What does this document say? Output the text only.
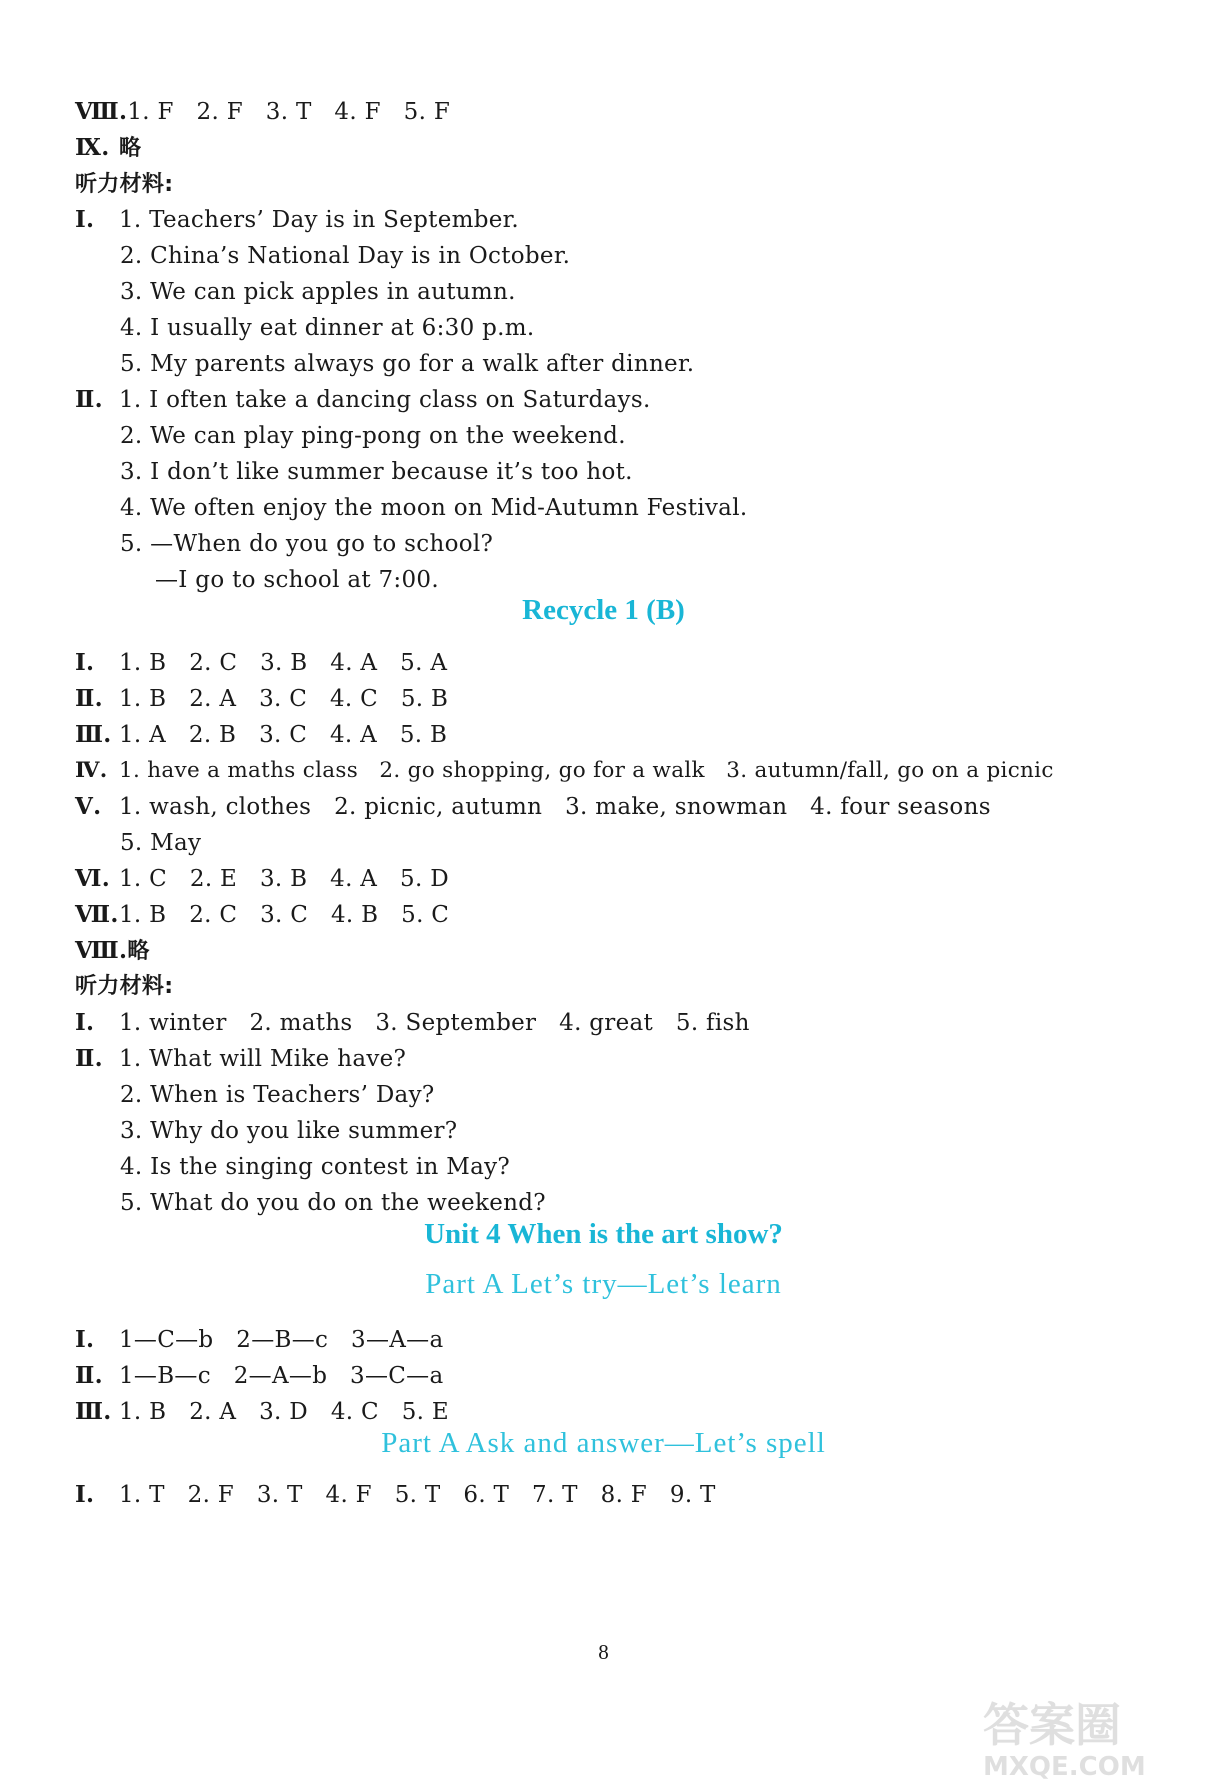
Ⅷ.1. F   2. F   3. T   4. F   5. F
Ⅸ. 略
听力材料:
Ⅰ. 1. Teachers’ Day is in September.
2. China’s National Day is in October.
3. We can pick apples in autumn.
4. I usually eat dinner at 6:30 p.m.
5. My parents always go for a walk after dinner.
Ⅱ. 1. I often take a dancing class on Saturdays.
2. We can play ping-pong on the weekend.
3. I don’t like summer because it’s too hot.
4. We often enjoy the moon on Mid-Autumn Festival.
5. —When do you go to school?
—I go to school at 7:00.
Recycle 1 (B)
Ⅰ. 1. B   2. C   3. B   4. A   5. A
Ⅱ. 1. B   2. A   3. C   4. C   5. B
Ⅲ. 1. A   2. B   3. C   4. A   5. B
Ⅳ. 1. have a maths class   2. go shopping, go for a walk   3. autumn/fall, go on a picnic
Ⅴ. 1. wash, clothes   2. picnic, autumn   3. make, snowman   4. four seasons
5. May
Ⅵ. 1. C   2. E   3. B   4. A   5. D
Ⅶ.1. B   2. C   3. C   4. B   5. C
Ⅷ.略
听力材料:
Ⅰ. 1. winter   2. maths   3. September   4. great   5. fish
Ⅱ. 1. What will Mike have?
2. When is Teachers’ Day?
3. Why do you like summer?
4. Is the singing contest in May?
5. What do you do on the weekend?
Unit 4 When is the art show?
Part A Let’s try—Let’s learn
Ⅰ. 1—C—b   2—B—c   3—A—a
Ⅱ. 1—B—c   2—A—b   3—C—a
Ⅲ. 1. B   2. A   3. D   4. C   5. E
Part A Ask and answer—Let’s spell
Ⅰ. 1. T   2. F   3. T   4. F   5. T   6. T   7. T   8. F   9. T
8
答案圈
MXQE.COM
